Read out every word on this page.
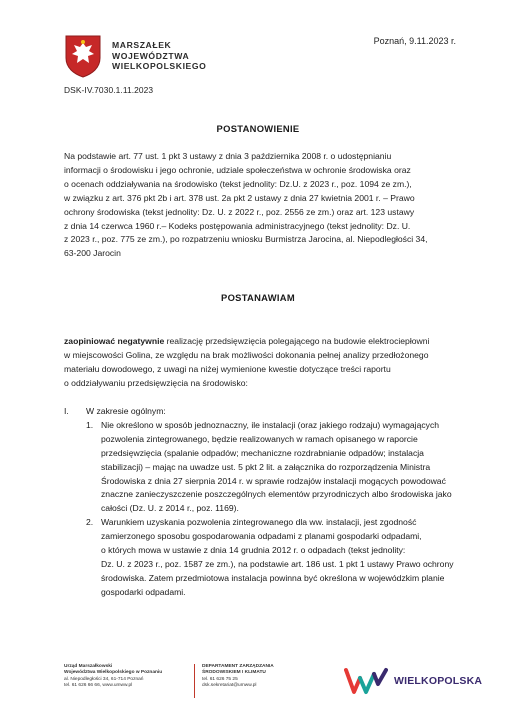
MARSZAŁEK
WOJEWÓDZTWA
WIELKOPOLSKIEGO
Poznań, 9.11.2023 r.
DSK-IV.7030.1.11.2023
POSTANOWIENIE
Na podstawie art. 77 ust. 1 pkt 3 ustawy z dnia 3 października 2008 r. o udostępnianiu
informacji o środowisku i jego ochronie, udziale społeczeństwa w ochronie środowiska oraz
o ocenach oddziaływania na środowisko (tekst jednolity: Dz.U. z 2023 r., poz. 1094 ze zm.),
w związku z art. 376 pkt 2b i art. 378 ust. 2a pkt 2 ustawy z dnia 27 kwietnia 2001 r. – Prawo
ochrony środowiska (tekst jednolity: Dz. U. z 2022 r., poz. 2556 ze zm.) oraz art. 123 ustawy
z dnia 14 czerwca 1960 r.– Kodeks postępowania administracyjnego (tekst jednolity: Dz. U.
z 2023 r., poz. 775 ze zm.), po rozpatrzeniu wniosku Burmistrza Jarocina, al. Niepodległości 34,
63-200 Jarocin
POSTANAWIAM
zaopiniować negatywnie realizację przedsięwzięcia polegającego na budowie elektrociepłowni
w miejscowości Golina, ze względu na brak możliwości dokonania pełnej analizy przedłożonego
materiału dowodowego, z uwagi na niżej wymienione kwestie dotyczące treści raportu
o oddziaływaniu przedsięwzięcia na środowisko:
I.	W zakresie ogólnym:
1. Nie określono w sposób jednoznaczny, ile instalacji (oraz jakiego rodzaju) wymagających
pozwolenia zintegrowanego, będzie realizowanych w ramach opisanego w raporcie
przedsięwzięcia (spalanie odpadów; mechaniczne rozdrabnianie odpadów; instalacja
stabilizacji) – mając na uwadze ust. 5 pkt 2 lit. a załącznika do rozporządzenia Ministra
Środowiska z dnia 27 sierpnia 2014 r. w sprawie rodzajów instalacji mogących powodować
znaczne zanieczyszczenie poszczególnych elementów przyrodniczych albo środowiska jako
całości (Dz. U. z 2014 r., poz. 1169).
2. Warunkiem uzyskania pozwolenia zintegrowanego dla ww. instalacji, jest zgodność
zamierzonego sposobu gospodarowania odpadami z planami gospodarki odpadami,
o których mowa w ustawie z dnia 14 grudnia 2012 r. o odpadach (tekst jednolity:
Dz. U. z 2023 r., poz. 1587 ze zm.), na podstawie art. 186 ust. 1 pkt 1 ustawy Prawo ochrony
środowiska. Zatem przedmiotowa instalacja powinna być określona w wojewódzkim planie
gospodarki odpadami.
Urząd Marszałkowski
Województwa Wielkopolskiego w Poznaniu
al. Niepodległości 34, 61-714 Poznań
tel. 61 626 66 66, www.umww.pl
DEPARTAMENT ZARZĄDZANIA
ŚRODOWISKIEM I KLIMATU
tel. 61 626 75 25
dsk.sekretariat@umww.pl	WIELKOPOLSKA
